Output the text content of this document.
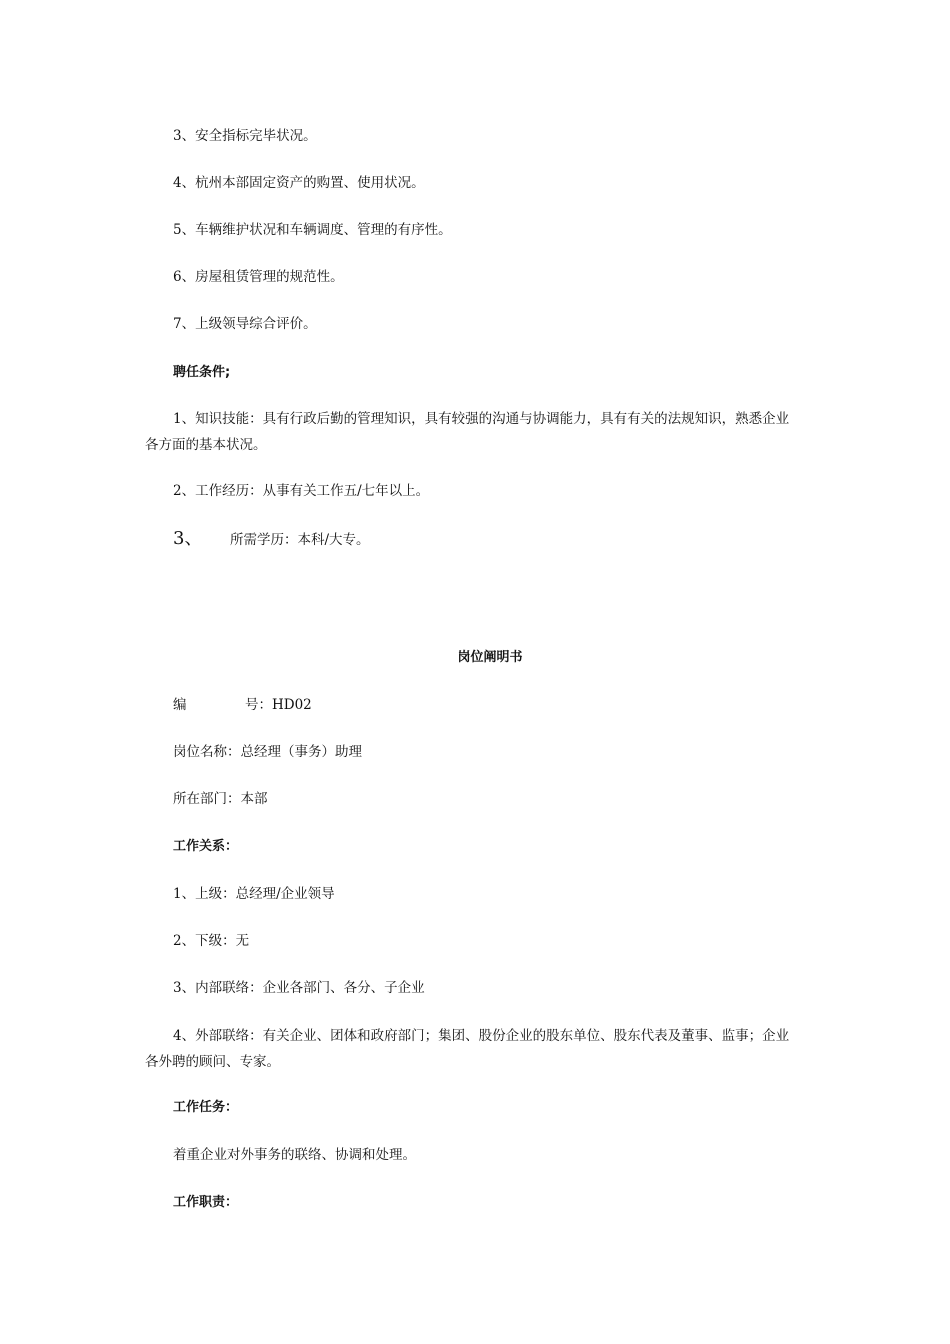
3、安全指标完毕状况。
4、杭州本部固定资产的购置、使用状况。
5、车辆维护状况和车辆调度、管理的有序性。
6、房屋租赁管理的规范性。
7、上级领导综合评价。
聘任条件;
1、知识技能：具有行政后勤的管理知识，具有较强的沟通与协调能力，具有有关的法规知识，熟悉企业各方面的基本状况。
2、工作经历：从事有关工作五/七年以上。
3、 所需学历：本科/大专。
岗位阐明书
编	号：HD02
岗位名称：总经理（事务）助理
所在部门：本部
工作关系：
1、上级：总经理/企业领导
2、下级：无
3、内部联络：企业各部门、各分、子企业
4、外部联络：有关企业、团体和政府部门；集团、股份企业的股东单位、股东代表及董事、监事；企业各外聘的顾问、专家。
工作任务：
着重企业对外事务的联络、协调和处理。
工作职责：
